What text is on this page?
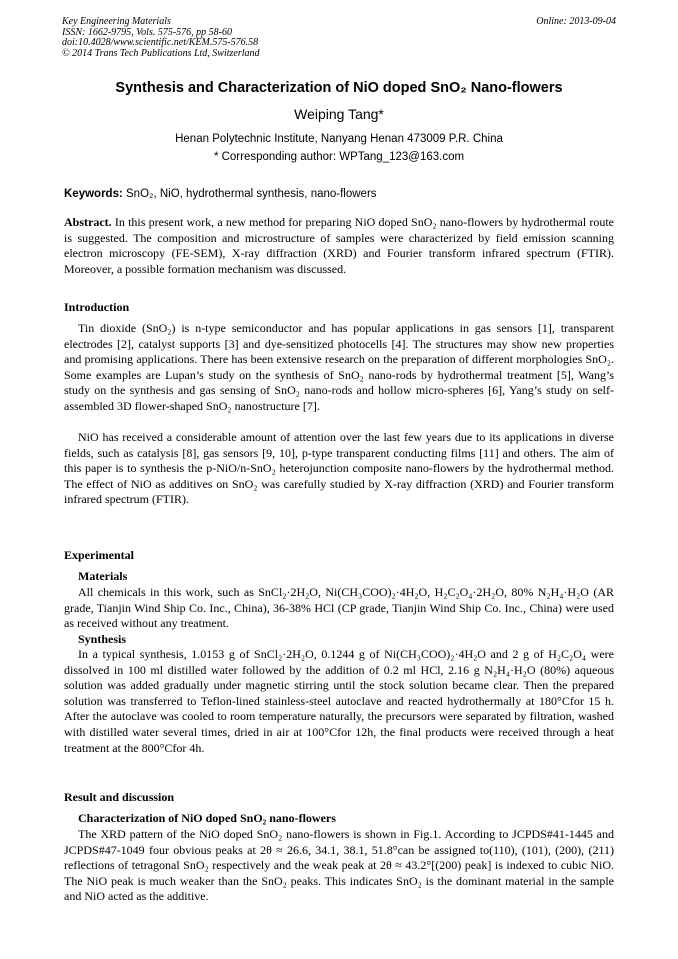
Key Engineering Materials
ISSN: 1662-9795, Vols. 575-576, pp 58-60
doi:10.4028/www.scientific.net/KEM.575-576.58
© 2014 Trans Tech Publications Ltd, Switzerland
Online: 2013-09-04
Synthesis and Characterization of NiO doped SnO₂ Nano-flowers
Weiping Tang*
Henan Polytechnic Institute, Nanyang Henan 473009 P.R. China
* Corresponding author: WPTang_123@163.com
Keywords: SnO₂, NiO, hydrothermal synthesis, nano-flowers
Abstract. In this present work, a new method for preparing NiO doped SnO₂ nano-flowers by hydrothermal route is suggested. The composition and microstructure of samples were characterized by field emission scanning electron microscopy (FE-SEM), X-ray diffraction (XRD) and Fourier transform infrared spectrum (FTIR). Moreover, a possible formation mechanism was discussed.
Introduction
Tin dioxide (SnO₂) is n-type semiconductor and has popular applications in gas sensors [1], transparent electrodes [2], catalyst supports [3] and dye-sensitized photocells [4]. The structures may show new properties and promising applications. There has been extensive research on the preparation of different morphologies SnO₂. Some examples are Lupan’s study on the synthesis of SnO₂ nano-rods by hydrothermal treatment [5], Wang’s study on the synthesis and gas sensing of SnO₂ nano-rods and hollow micro-spheres [6], Yang’s study on self-assembled 3D flower-shaped SnO₂ nanostructure [7].
NiO has received a considerable amount of attention over the last few years due to its applications in diverse fields, such as catalysis [8], gas sensors [9, 10], p-type transparent conducting films [11] and others. The aim of this paper is to synthesis the p-NiO/n-SnO₂ heterojunction composite nano-flowers by the hydrothermal method. The effect of NiO as additives on SnO₂ was carefully studied by X-ray diffraction (XRD) and Fourier transform infrared spectrum (FTIR).
Experimental
Materials
All chemicals in this work, such as SnCl₂·2H₂O, Ni(CH₃COO)₂·4H₂O, H₂C₂O₄·2H₂O, 80% N₂H₄·H₂O (AR grade, Tianjin Wind Ship Co. Inc., China), 36-38% HCl (CP grade, Tianjin Wind Ship Co. Inc., China) were used as received without any treatment.
Synthesis
In a typical synthesis, 1.0153 g of SnCl₂·2H₂O, 0.1244 g of Ni(CH₃COO)₂·4H₂O and 2 g of H₂C₂O₄ were dissolved in 100 ml distilled water followed by the addition of 0.2 ml HCl, 2.16 g N₂H₄·H₂O (80%) aqueous solution was added gradually under magnetic stirring until the stock solution became clear. Then the prepared solution was transferred to Teflon-lined stainless-steel autoclave and reacted hydrothermally at 180°Cfor 15 h. After the autoclave was cooled to room temperature naturally, the precursors were separated by filtration, washed with distilled water several times, dried in air at 100°Cfor 12h, the final products were received through a heat treatment at the 800°Cfor 4h.
Result and discussion
Characterization of NiO doped SnO₂ nano-flowers
The XRD pattern of the NiO doped SnO₂ nano-flowers is shown in Fig.1. According to JCPDS#41-1445 and JCPDS#47-1049 four obvious peaks at 2θ ≈ 26.6, 34.1, 38.1, 51.8°can be assigned to(110), (101), (200), (211) reflections of tetragonal SnO₂ respectively and the weak peak at 2θ ≈ 43.2°[(200) peak] is indexed to cubic NiO. The NiO peak is much weaker than the SnO₂ peaks. This indicates SnO₂ is the dominant material in the sample and NiO acted as the additive.
